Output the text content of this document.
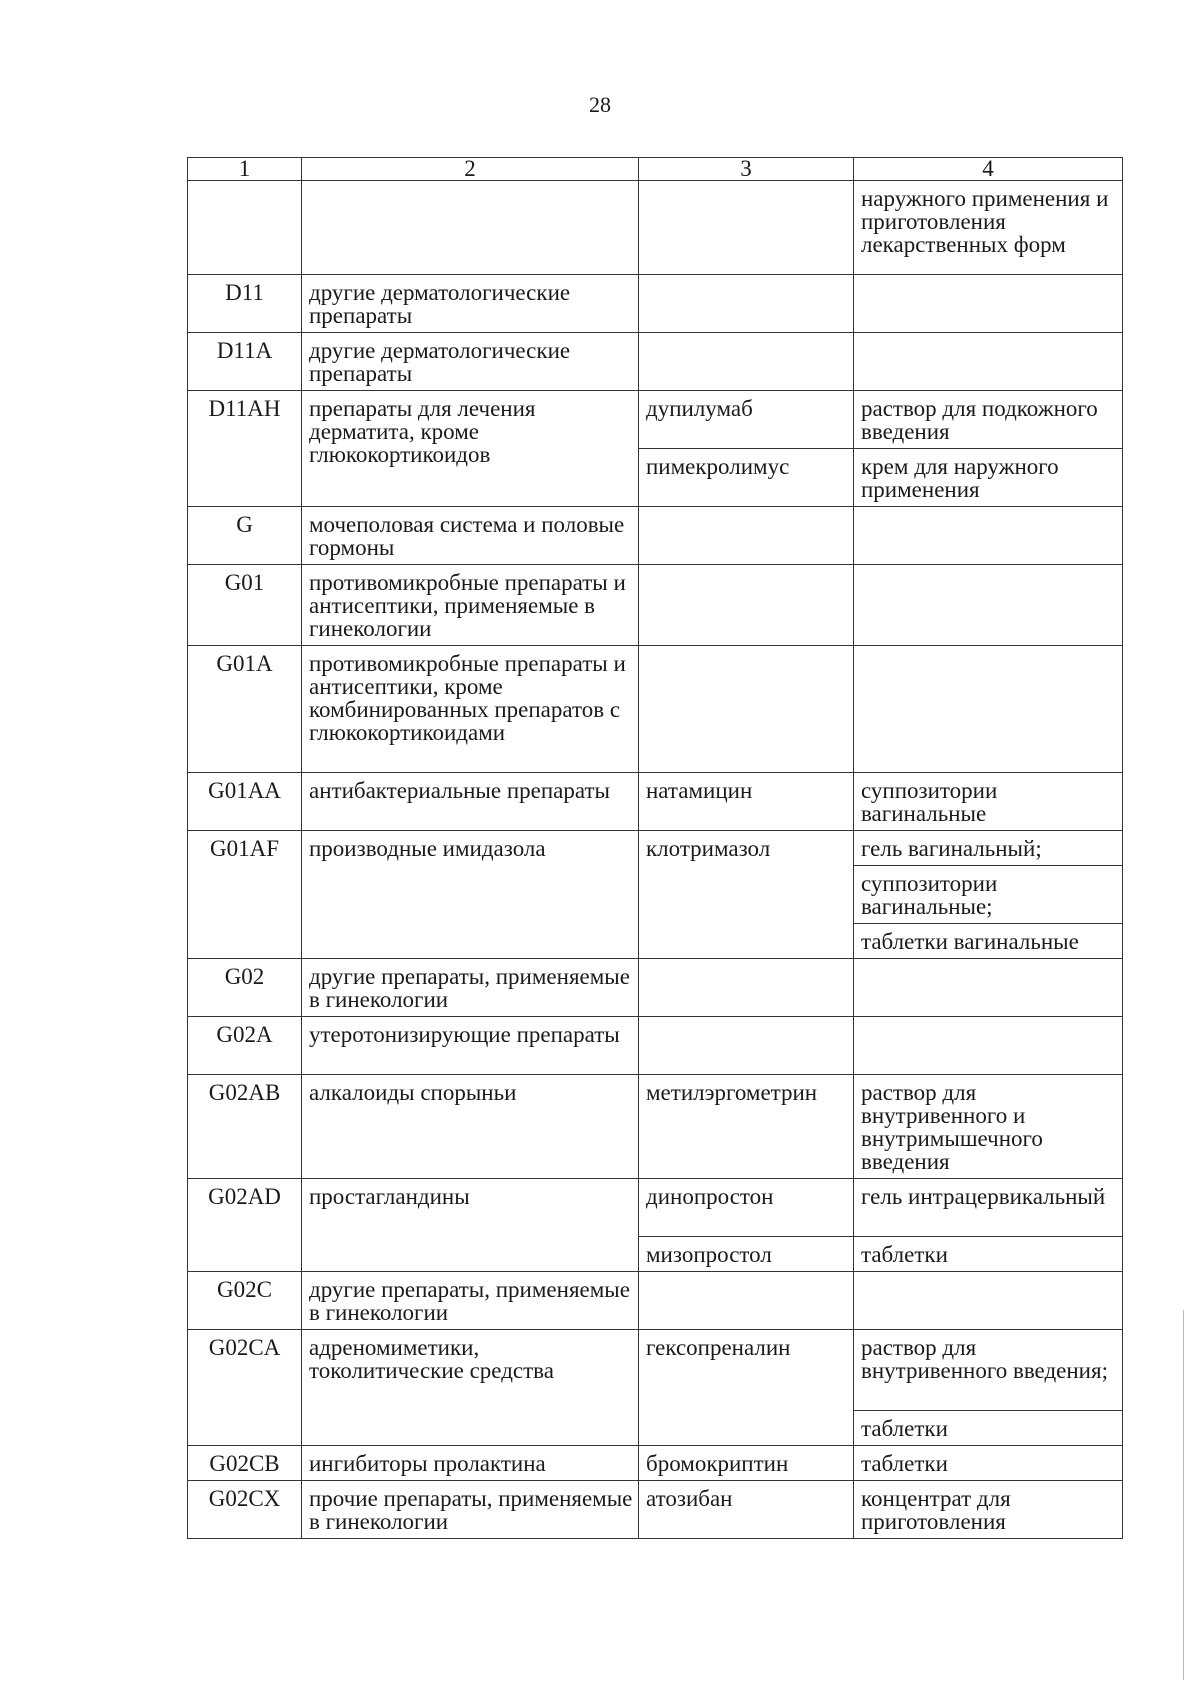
28
1	2	3	4
			наружного применения и приготовления лекарственных форм
D11	другие дерматологические препараты		
D11A	другие дерматологические препараты		
D11AH	препараты для лечения дерматита, кроме глюкокортикоидов	дупилумаб	раствор для подкожного введения
		пимекролимус	крем для наружного применения
G	мочеполовая система и половые гормоны		
G01	противомикробные препараты и антисептики, применяемые в гинекологии		
G01A	противомикробные препараты и антисептики, кроме комбинированных препаратов с глюкокортикоидами		
G01AA	антибактериальные препараты	натамицин	суппозитории вагинальные
G01AF	производные имидазола	клотримазол	гель вагинальный;
			суппозитории вагинальные;
			таблетки вагинальные
G02	другие препараты, применяемые в гинекологии		
G02A	утеротонизирующие препараты		
G02AB	алкалоиды спорыньи	метилэргометрин	раствор для внутривенного и внутримышечного введения
G02AD	простагландины	динопростон	гель интрацервикальный
		мизопростол	таблетки
G02C	другие препараты, применяемые в гинекологии		
G02CA	адреномиметики, токолитические средства	гексопреналин	раствор для внутривенного введения;
			таблетки
G02CB	ингибиторы пролактина	бромокриптин	таблетки
G02CX	прочие препараты, применяемые в гинекологии	атозибан	концентрат для приготовления
